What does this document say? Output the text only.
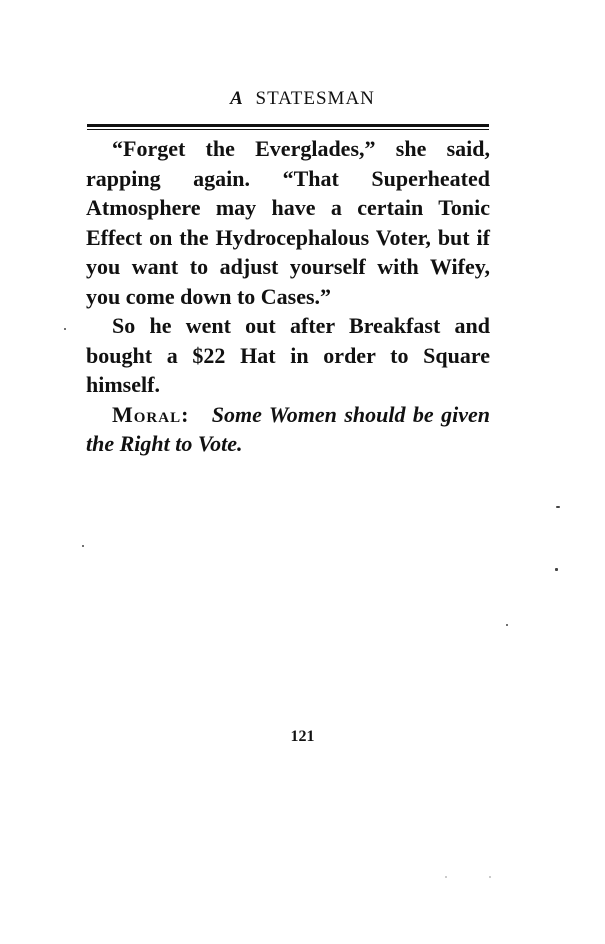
A STATESMAN

“Forget the Everglades,” she said, rapping again. “That Superheated Atmosphere may have a certain Tonic Effect on the Hydrocephalous Voter, but if you want to adjust yourself with Wifey, you come down to Cases.”

So he went out after Breakfast and bought a $22 Hat in order to Square himself.

Moral: Some Women should be given the Right to Vote.

121
